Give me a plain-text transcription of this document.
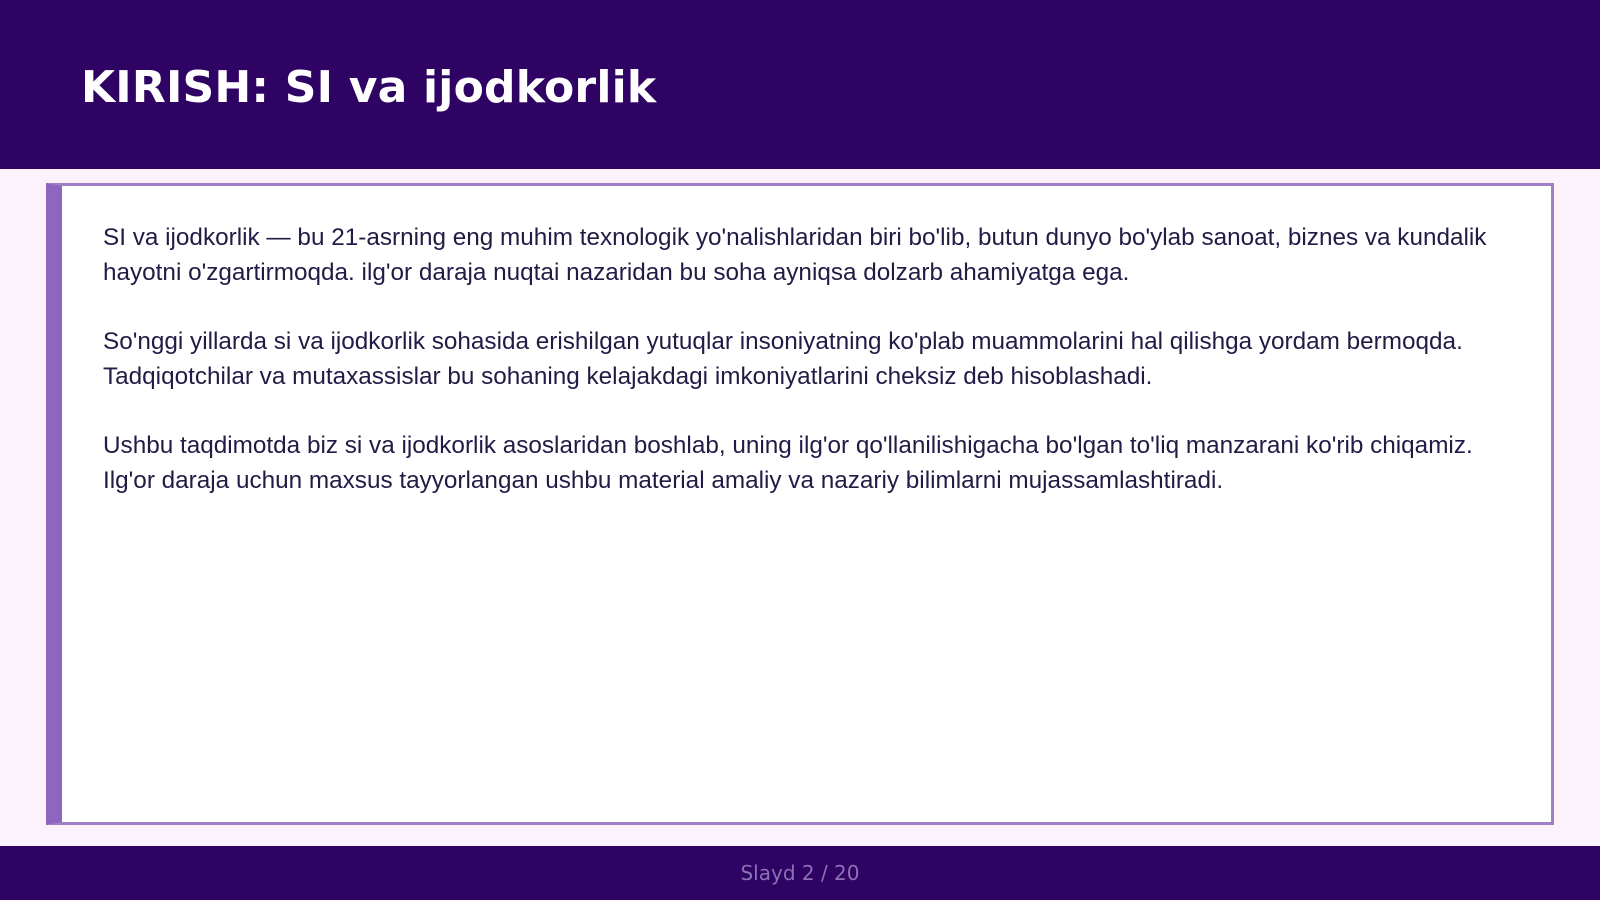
KIRISH: SI va ijodkorlik

SI va ijodkorlik — bu 21-asrning eng muhim texnologik yo'nalishlaridan biri bo'lib, butun dunyo bo'ylab sanoat, biznes va kundalik hayotni o'zgartirmoqda. ilg'or daraja nuqtai nazaridan bu soha ayniqsa dolzarb ahamiyatga ega.

So'nggi yillarda si va ijodkorlik sohasida erishilgan yutuqlar insoniyatning ko'plab muammolarini hal qilishga yordam bermoqda. Tadqiqotchilar va mutaxassislar bu sohaning kelajakdagi imkoniyatlarini cheksiz deb hisoblashadi.

Ushbu taqdimotda biz si va ijodkorlik asoslaridan boshlab, uning ilg'or qo'llanilishigacha bo'lgan to'liq manzarani ko'rib chiqamiz. Ilg'or daraja uchun maxsus tayyorlangan ushbu material amaliy va nazariy bilimlarni mujassamlashtiradi.

Slayd 2 / 20
